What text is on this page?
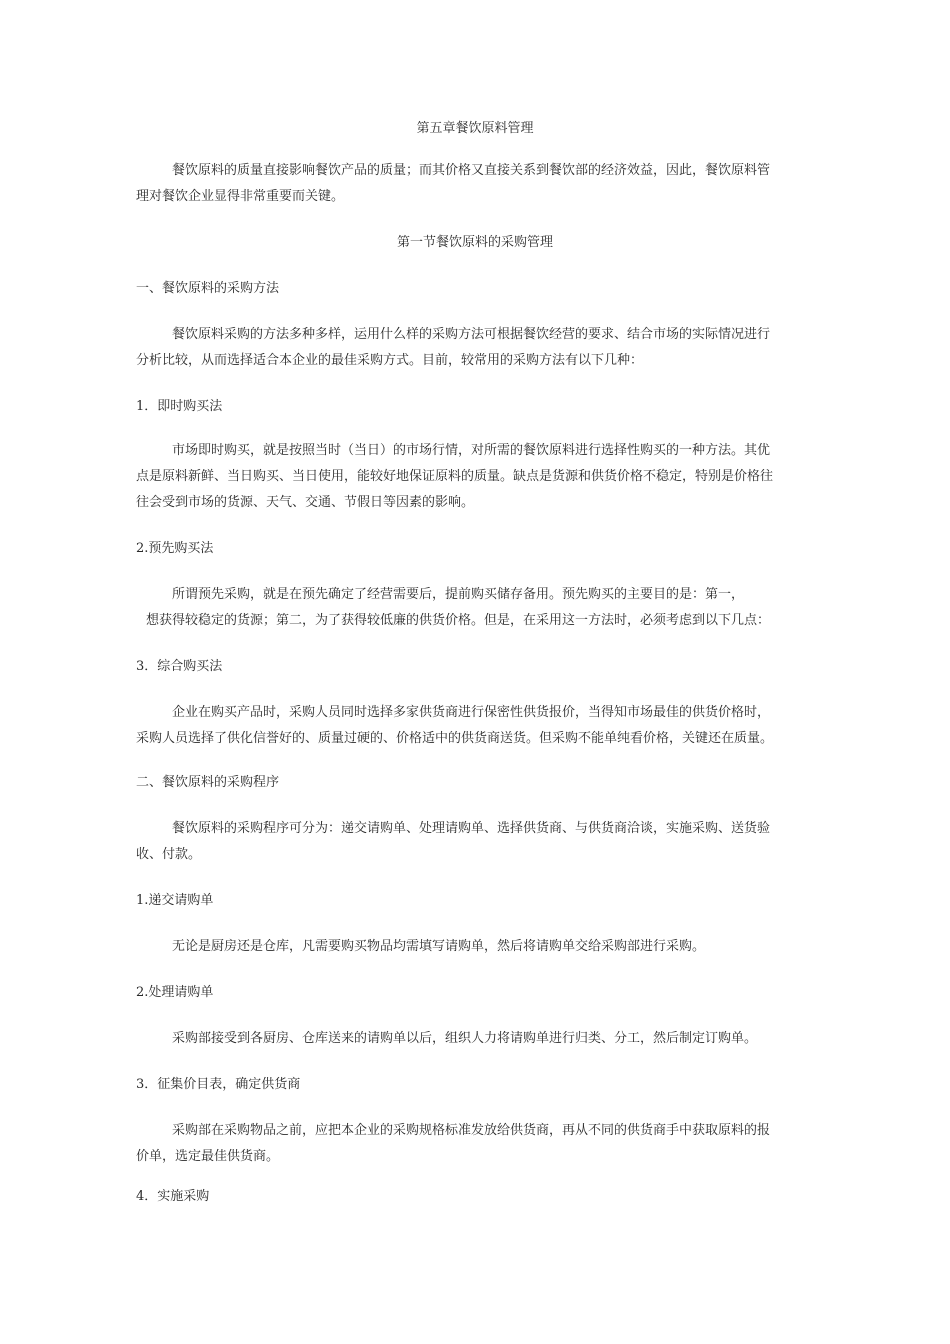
第五章餐饮原料管理
餐饮原料的质量直接影响餐饮产品的质量；而其价格又直接关系到餐饮部的经济效益，因此，餐饮原料管
理对餐饮企业显得非常重要而关键。
第一节餐饮原料的采购管理
一、餐饮原料的采购方法
餐饮原料采购的方法多种多样，运用什么样的采购方法可根据餐饮经营的要求、结合市场的实际情况进行
分析比较，从而选择适合本企业的最佳采购方式。目前，较常用的采购方法有以下几种：
1．即时购买法
市场即时购买，就是按照当时（当日）的市场行情，对所需的餐饮原料进行选择性购买的一种方法。其优
点是原料新鲜、当日购买、当日使用，能较好地保证原料的质量。缺点是货源和供货价格不稳定，特别是价格往
往会受到市场的货源、天气、交通、节假日等因素的影响。
2.预先购买法
所谓预先采购，就是在预先确定了经营需要后，提前购买储存备用。预先购买的主要目的是：第一，
想获得较稳定的货源；第二，为了获得较低廉的供货价格。但是，在采用这一方法时，必须考虑到以下几点：
3．综合购买法
企业在购买产品时，采购人员同时选择多家供货商进行保密性供货报价，当得知市场最佳的供货价格时，
采购人员选择了供化信誉好的、质量过硬的、价格适中的供货商送货。但采购不能单纯看价格，关键还在质量。
二、餐饮原料的采购程序
餐饮原料的采购程序可分为：递交请购单、处理请购单、选择供货商、与供货商洽谈，实施采购、送货验
收、付款。
1.递交请购单
无论是厨房还是仓库，凡需要购买物品均需填写请购单，然后将请购单交给采购部进行采购。
2.处理请购单
采购部接受到各厨房、仓库送来的请购单以后，组织人力将请购单进行归类、分工，然后制定订购单。
3．征集价目表，确定供货商
采购部在采购物品之前，应把本企业的采购规格标准发放给供货商，再从不同的供货商手中获取原料的报
价单，选定最佳供货商。
4．实施采购
